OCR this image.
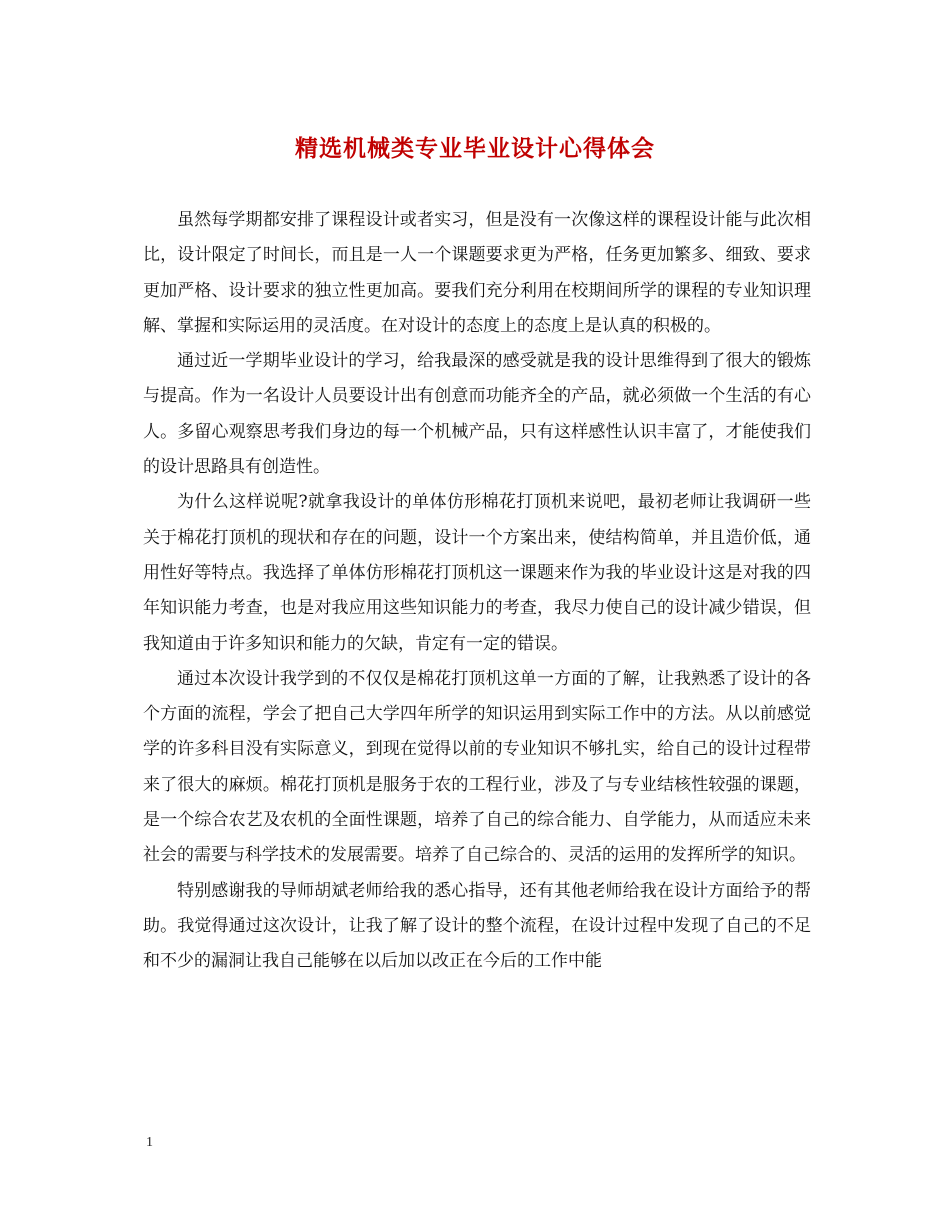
精选机械类专业毕业设计心得体会

虽然每学期都安排了课程设计或者实习，但是没有一次像这样的课程设计能与此次相比，设计限定了时间长，而且是一人一个课题要求更为严格，任务更加繁多、细致、要求更加严格、设计要求的独立性更加高。要我们充分利用在校期间所学的课程的专业知识理解、掌握和实际运用的灵活度。在对设计的态度上的态度上是认真的积极的。

通过近一学期毕业设计的学习，给我最深的感受就是我的设计思维得到了很大的锻炼与提高。作为一名设计人员要设计出有创意而功能齐全的产品，就必须做一个生活的有心人。多留心观察思考我们身边的每一个机械产品，只有这样感性认识丰富了，才能使我们的设计思路具有创造性。

为什么这样说呢?就拿我设计的单体仿形棉花打顶机来说吧，最初老师让我调研一些关于棉花打顶机的现状和存在的问题，设计一个方案出来，使结构简单，并且造价低，通用性好等特点。我选择了单体仿形棉花打顶机这一课题来作为我的毕业设计这是对我的四年知识能力考查，也是对我应用这些知识能力的考查，我尽力使自己的设计减少错误，但我知道由于许多知识和能力的欠缺，肯定有一定的错误。

通过本次设计我学到的不仅仅是棉花打顶机这单一方面的了解，让我熟悉了设计的各个方面的流程，学会了把自己大学四年所学的知识运用到实际工作中的方法。从以前感觉学的许多科目没有实际意义，到现在觉得以前的专业知识不够扎实，给自己的设计过程带来了很大的麻烦。棉花打顶机是服务于农的工程行业，涉及了与专业结核性较强的课题，是一个综合农艺及农机的全面性课题，培养了自己的综合能力、自学能力，从而适应未来社会的需要与科学技术的发展需要。培养了自己综合的、灵活的运用的发挥所学的知识。

特别感谢我的导师胡斌老师给我的悉心指导，还有其他老师给我在设计方面给予的帮助。我觉得通过这次设计，让我了解了设计的整个流程，在设计过程中发现了自己的不足和不少的漏洞让我自己能够在以后加以改正在今后的工作中能

1
